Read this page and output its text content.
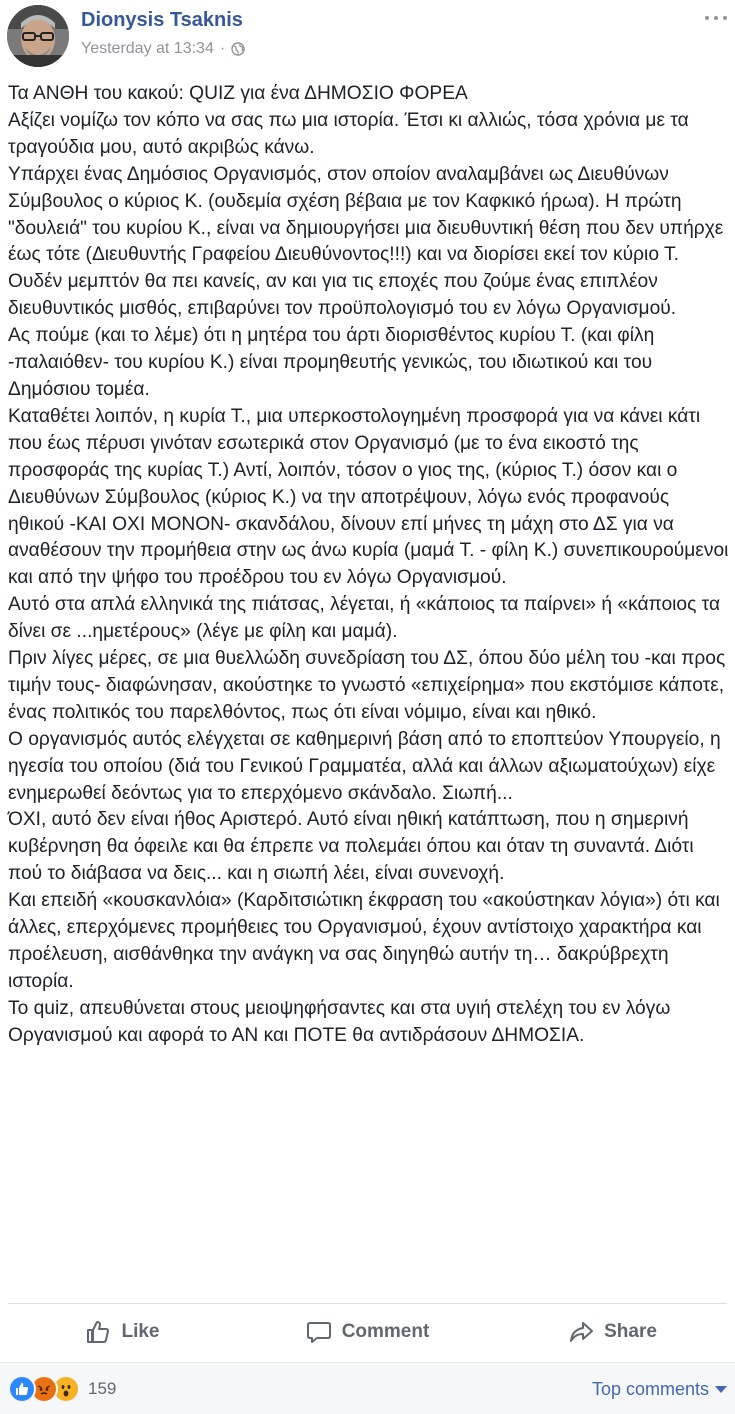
Dionysis Tsaknis
Yesterday at 13:34 ·

Τα ΑΝΘΗ του κακού: QUIZ για ένα ΔΗΜΟΣΙΟ ΦΟΡΕΑ

Αξίζει νομίζω τον κόπο να σας πω μια ιστορία. Έτσι κι αλλιώς, τόσα χρόνια με τα τραγούδια μου, αυτό ακριβώς κάνω.

Υπάρχει ένας Δημόσιος Οργανισμός, στον οποίον αναλαμβάνει ως Διευθύνων Σύμβουλος ο κύριος Κ. (ουδεμία σχέση βέβαια με τον Καφκικό ήρωα). Η πρώτη "δουλειά" του κυρίου Κ., είναι να δημιουργήσει μια διευθυντική θέση που δεν υπήρχε έως τότε (Διευθυντής Γραφείου Διευθύνοντος!!!) και να διορίσει εκεί τον κύριο Τ. Ουδέν μεμπτόν θα πει κανείς, αν και για τις εποχές που ζούμε ένας επιπλέον διευθυντικός μισθός, επιβαρύνει τον προϋπολογισμό του εν λόγω Οργανισμού.

Ας πούμε (και το λέμε) ότι η μητέρα του άρτι διορισθέντος κυρίου Τ. (και φίλη -παλαιόθεν- του κυρίου Κ.) είναι προμηθευτής γενικώς, του ιδιωτικού και του Δημόσιου τομέα.

Καταθέτει λοιπόν, η κυρία Τ., μια υπερκοστολογημένη προσφορά για να κάνει κάτι που έως πέρυσι γινόταν εσωτερικά στον Οργανισμό (με το ένα εικοστό της προσφοράς της κυρίας Τ.) Αντί, λοιπόν, τόσον ο γιος της, (κύριος Τ.) όσον και ο Διευθύνων Σύμβουλος (κύριος Κ.) να την αποτρέψουν, λόγω ενός προφανούς ηθικού -ΚΑΙ ΟΧΙ ΜΟΝΟΝ- σκανδάλου, δίνουν επί μήνες τη μάχη στο ΔΣ για να αναθέσουν την προμήθεια στην ως άνω κυρία (μαμά Τ. - φίλη Κ.) συνεπικουρούμενοι και από την ψήφο του προέδρου του εν λόγω Οργανισμού.

Αυτό στα απλά ελληνικά της πιάτσας, λέγεται, ή «κάποιος τα παίρνει» ή «κάποιος τα δίνει σε ...ημετέρους» (λέγε με φίλη και μαμά).

Πριν λίγες μέρες, σε μια θυελλώδη συνεδρίαση του ΔΣ, όπου δύο μέλη του -και προς τιμήν τους- διαφώνησαν, ακούστηκε το γνωστό «επιχείρημα» που εκστόμισε κάποτε, ένας πολιτικός του παρελθόντος, πως ότι είναι νόμιμο, είναι και ηθικό.

Ο οργανισμός αυτός ελέγχεται σε καθημερινή βάση από το εποπτεύον Υπουργείο, η ηγεσία του οποίου (διά του Γενικού Γραμματέα, αλλά και άλλων αξιωματούχων) είχε ενημερωθεί δεόντως για το επερχόμενο σκάνδαλο. Σιωπή...

ΌΧΙ, αυτό δεν είναι ήθος Αριστερό. Αυτό είναι ηθική κατάπτωση, που η σημερινή κυβέρνηση θα όφειλε και θα έπρεπε να πολεμάει όπου και όταν τη συναντά. Διότι πού το διάβασα να δεις... και η σιωπή λέει, είναι συνενοχή.

Και επειδή «κουσκανλόια» (Καρδιτσιώτικη έκφραση του «ακούστηκαν λόγια») ότι και άλλες, επερχόμενες προμήθειες του Οργανισμού, έχουν αντίστοιχο χαρακτήρα και προέλευση, αισθάνθηκα την ανάγκη να σας διηγηθώ αυτήν τη… δακρύβρεχτη ιστορία.

Το quiz, απευθύνεται στους μειοψηφήσαντες και στα υγιή στελέχη του εν λόγω Οργανισμού και αφορά το ΑΝ και ΠΟΤΕ θα αντιδράσουν ΔΗΜΟΣΙΑ.

Like	Comment	Share
159	Top comments
